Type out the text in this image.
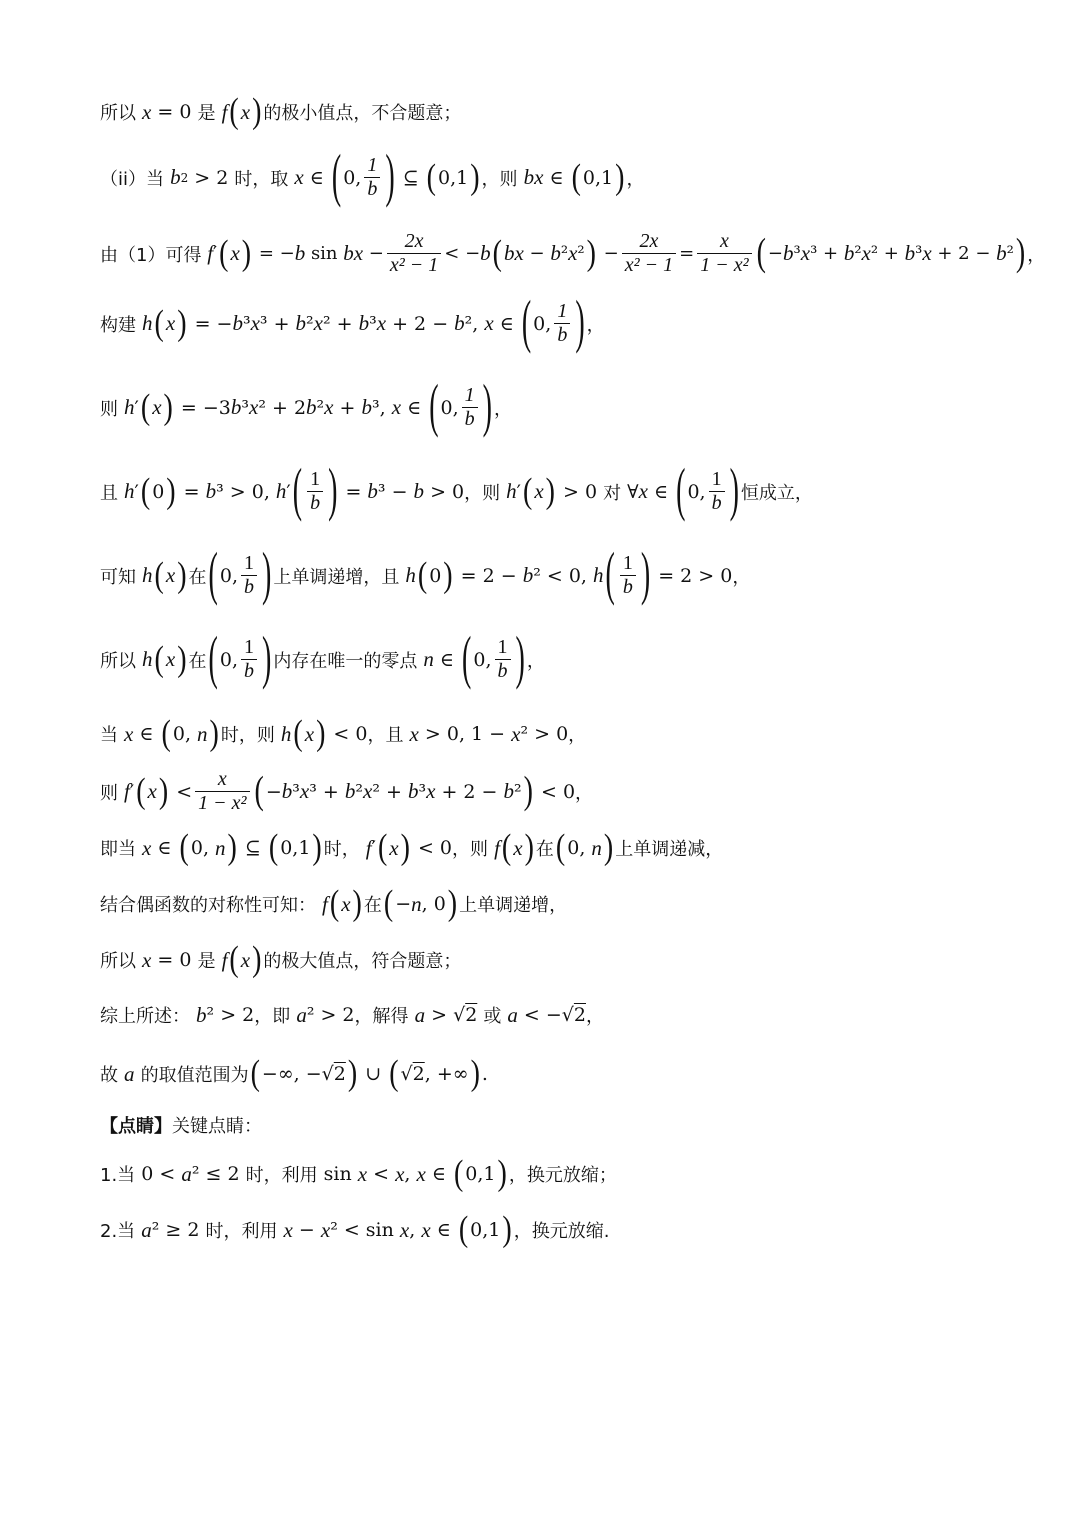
所以
x = 0 是
f ( x ) 的极小值点，不合题意；
（ii）当
b 2 > 2 时，取
x ∈ ( 0, $\frac{1}{b}$ ) ⊆ ( 0,1 ) ，则
bx ∈ ( 0,1 ) ，
由（1）可得
f ′ ( x ) = − b sin bx − $\frac{2x}{\text{x² − 1}}$ < − b ( bx − b ² x ² ) − $\frac{2x}{\text{x² − 1}} = \frac{x}{\text{1 − x²}}$ ( − b ³ x ³ + b ² x ² + b ³ x + 2 − b ² ) ，
构建
h ( x ) = − b ³ x ³ + b ² x ² + b ³ x + 2 − b ², x ∈ ( 0, $\frac{1}{b}$ ) ，
则
h ′ ( x ) = −3 b ³ x ² + 2 b ² x + b ³, x ∈ ( 0, $\frac{1}{b}$ ) ，
且
h ′ ( 0 ) = b ³ > 0, h ′ ( $\frac{1}{b}$ ) = b ³ − b > 0 ，则
h ′ ( x ) > 0 对 ∀ x ∈ ( 0, $\frac{1}{b}$ ) 恒成立，
可知
h ( x ) 在 ( 0, $\frac{1}{b}$ ) 上单调递增，且
h ( 0 ) = 2 − b ² < 0, h ( $\frac{1}{b}$ ) = 2 > 0 ，
所以
h ( x ) 在 ( 0, $\frac{1}{b}$ ) 内存在唯一的零点
n ∈ ( 0, $\frac{1}{b}$ ) ，
当
x ∈ ( 0, n ) 时，则
h ( x ) < 0 ，且
x > 0, 1 − x ² > 0 ，
则
f ′ ( x ) < $\frac{x}{\text{1 − x²}}$ ( − b ³ x ³ + b ² x ² + b ³ x + 2 − b ² ) < 0 ，
即当
x ∈ ( 0, n ) ⊆ ( 0,1 ) 时，
f ′ ( x ) < 0 ，则
f ( x ) 在 ( 0, n ) 上单调递减，
结合偶函数的对称性可知：
f ( x ) 在 ( − n , 0 ) 上单调递增，
所以
x = 0 是
f ( x ) 的极大值点，符合题意；
综上所述：
b ² > 2 ，即
a ² > 2 ，解得
a > √ 2
或
a < −√ 2 ，
故
a
的取值范围为 ( −∞, −√ 2 ) ∪ ( √ 2 , +∞ ) .
【点睛】 关键点睛：
1.当 0 < a ² ≤ 2 时，利用 sin x < x , x ∈ ( 0,1 ) ，换元放缩；
2.当
a ² ≥ 2 时，利用
x − x ² < sin x , x ∈ ( 0,1 ) ，换元放缩.
